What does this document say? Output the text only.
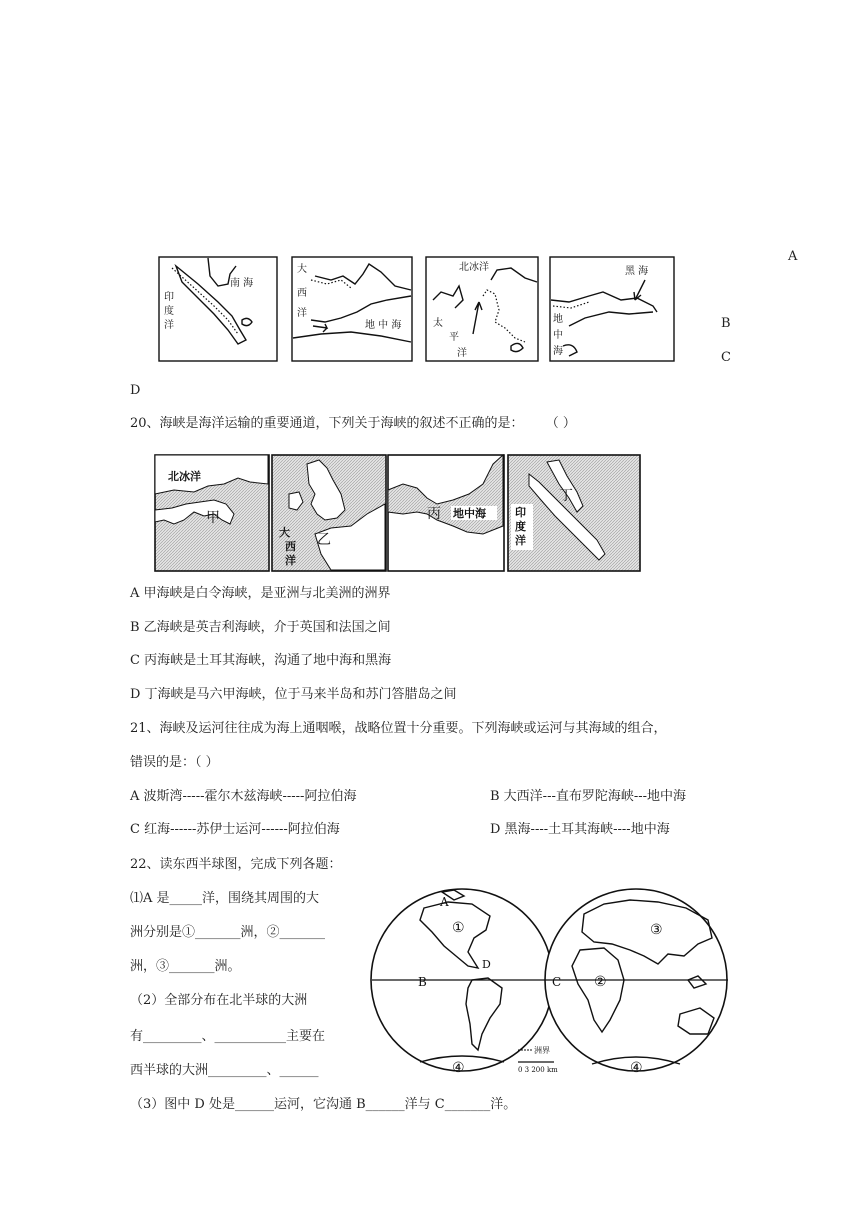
南 海
印
度
洋
大
西
洋
地 中 海
北冰洋
太
平
洋
黑 海
地
中
海
A
B
C
D
20、海峡是海洋运输的重要通道，下列关于海峡的叙述不正确的是： （ ）
北冰洋
甲
大
西
洋
乙
地中海
丙	印
度
洋
丁
A 甲海峡是白令海峡，是亚洲与北美洲的洲界
B 乙海峡是英吉利海峡，介于英国和法国之间
C 丙海峡是土耳其海峡，沟通了地中海和黑海
D 丁海峡是马六甲海峡，位于马来半岛和苏门答腊岛之间
21、海峡及运河往往成为海上通咽喉，战略位置十分重要。下列海峡或运河与其海域的组合，
错误的是：（ ）
A 波斯湾-----霍尔木兹海峡-----阿拉伯海	B 大西洋---直布罗陀海峡---地中海
C 红海------苏伊士运河------阿拉伯海	D 黑海----土耳其海峡----地中海
22、读东西半球图，完成下列各题：
⑴A 是_____洋，围绕其周围的大
洲分别是①_______洲，②_______
洲，③_______洲。
（2）全部分布在北半球的大洲
有_________、___________主要在
西半球的大洲_________、______
（3）图中 D 处是______运河，它沟通 B______洋与 C_______洋。
A
①	③
②
B	C
D
④	④
洲界
0 3 200 km
